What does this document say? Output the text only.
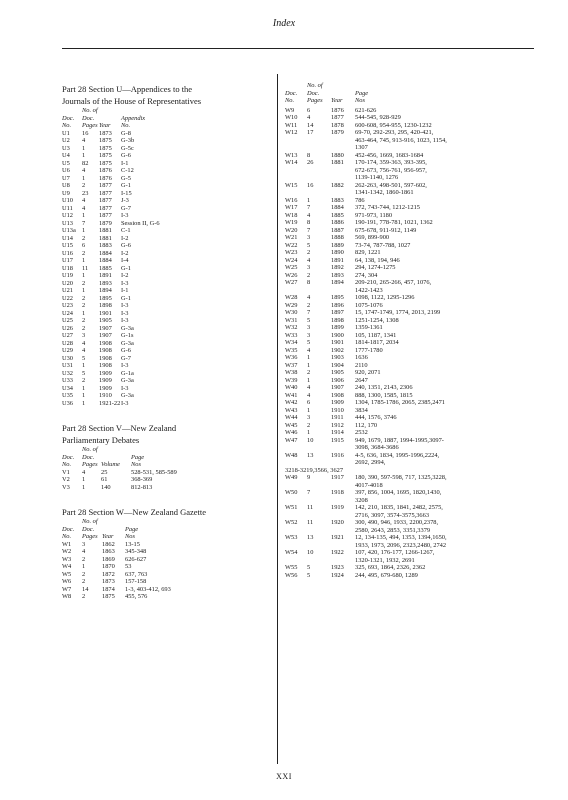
Index
Part 28 Section U—Appendices to the
Journals of the House of Representatives
No. of
Doc.	Doc.	Appendix
No.	Pages Year	No.
U1	16	1873	G-8
U2	4	1875	G-3b
U3	1	1875	G-5c
U4	1	1875	G-6
U5	82	1875	I-1
U6	4	1876	C-12
U7	1	1876	G-5
U8	2	1877	G-1
U9	23	1877	I-15
U10	4	1877	J-3
U11	4	1877	G-7
U12	1	1877	I-3
U13	7	1879	Session II, G-6
U13a 1	1881	C-1
U14	2	1881	I-2
U15	6	1883	G-6
U16	2	1884	I-2
U17	1	1884	I-4
U18	11	1885	G-1
U19	1	1891	I-2
U20	2	1893	I-3
U21	1	1894	I-1
U22	2	1895	G-1
U23	2	1898	I-3
U24	1	1901	I-3
U25	2	1905	I-3
U26	2	1907	G-3a
U27	3	1907	G-1s
U28	4	1908	G-3a
U29	4	1908	G-6
U30	5	1908	G-7
U31	1	1908	I-3
U32	5	1909	G-1a
U33	2	1909	G-3a
U34	1	1909	I-3
U35	1	1910	G-3a
U36	1	1921-22 I-3
Part 28 Section V—New Zealand
Parliamentary Debates
No. of
Doc.	Doc.	Page
No.	Pages Volume	Nos
V1	4	25	528-531, 585-589
V2	1	61	368-369
V3	1	140	812-813
Part 28 Section W—New Zealand Gazette
No. of
Doc.	Doc.	Page
No.	Pages Year	Nos
W1	3	1862	13-15
W2	4	1863	345-348
W3	2	1869	626-627
W4	1	1870	53
W5	2	1872	637, 763
W6	2	1873	157-158
W7	14	1874	1-3, 403-412, 693
W8	2	1875	455, 576
No. of
Doc.	Doc.	Page
No.	Pages	Year	Nos
W9	6	1876	621-626
W10	4	1877	544-545, 928-929
W11	14	1878	600-608, 954-955, 1230-1232
W12	17	1879	69-70, 292-293, 295, 420-421,
463-464, 745, 913-916, 1023, 1154,
1307
W13	8	1880	452-456, 1669, 1683-1684
W14	26	1881	170-174, 359-363, 393-395,
672-673, 756-761, 956-957,
1139-1140, 1276
W15	16	1882	262-263, 498-501, 597-602,
1341-1342, 1860-1861
W16	1	1883	786
W17	7	1884	372, 743-744, 1212-1215
W18	4	1885	971-973, 1180
W19	8	1886	190-191, 778-781, 1021, 1362
W20	7	1887	675-678, 911-912, 1149
W21	3	1888	569, 899-900
W22	5	1889	73-74, 787-788, 1027
W23	2	1890	829, 1221
W24	4	1891	64, 138, 194, 946
W25	3	1892	294, 1274-1275
W26	2	1893	274, 304
W27	8	1894	209-210, 265-266, 457, 1076,
1422-1423
W28	4	1895	1098, 1122, 1295-1296
W29	2	1896	1075-1076
W30	7	1897	15, 1747-1749, 1774, 2013, 2199
W31	5	1898	1251-1254, 1308
W32	3	1899	1359-1361
W33	3	1900	105, 1187, 1341
W34	5	1901	1814-1817, 2034
W35	4	1902	1777-1780
W36	1	1903	1636
W37	1	1904	2110
W38	2	1905	920, 2071
W39	1	1906	2647
W40	4	1907	240, 1351, 2143, 2306
W41	4	1908	888, 1300, 1585, 1815
W42	6	1909	1304, 1785-1786, 2065, 2385,2471
W43	1	1910	3834
W44	3	1911	444, 1576, 3746
W45	2	1912	112, 170
W46	1	1914	2532
W47	10	1915	949, 1679, 1887, 1994-1995,3097-
3098, 3684-3686
W48	13	1916	4-5, 636, 1834, 1995-1996,2224,
2692, 2994,
3218-3219,3566, 3627
W49	9	1917	180, 390, 597-598, 717, 1325,3228,
4017-4018
W50	7	1918	397, 856, 1004, 1695, 1820,1430,
3208
W51	11	1919	142, 210, 1835, 1841, 2482, 2575,
2716, 3097, 3574-3575,3663
W52	11	1920	300, 490, 946, 1933, 2200,2378,
2580, 2643, 2853, 3351,3379
W53	13	1921	12, 134-135, 494, 1353, 1394,1650,
1933, 1973, 2096, 2323,2480, 2742
W54	10	1922	107, 420, 176-177, 1266-1267,
1320-1321, 1932, 2691
W55	5	1923	325, 693, 1864, 2326, 2362
W56	5	1924	244, 495, 679-680, 1289
XXI
